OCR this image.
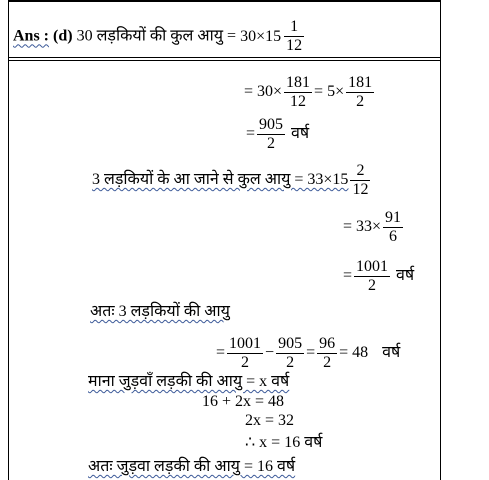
Ans : (d) 30 लड़कियों की कुल आयु = $30\times 15 \frac{1}{12}$
= $30\times \frac{181}{12} = 5\times \frac{181}{2}$
= $\frac{905}{2}$ वर्ष
3 लड़कियों के आ जाने से कुल आयु = $33\times 15 \frac{2}{12}$
= $33\times \frac{91}{6}$
= $\frac{1001}{2}$ वर्ष
अतः 3 लड़कियों की आयु
= $\frac{1001}{2} - \frac{905}{2} = \frac{96}{2} = 48$ वर्ष
माना जुड़वाँ लड़की की आयु = x वर्ष
16 + 2x = 48
2x = 32
∴ x = 16 वर्ष
अतः जुड़वा लड़की की आयु = 16 वर्ष
